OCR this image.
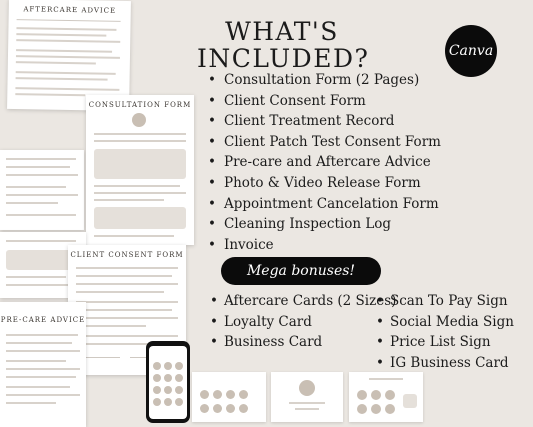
AFTERCARE ADVICE
CONSULTATION FORM
CLIENT CONSENT FORM
PRE-CARE ADVICE
WHAT'S
INCLUDED?	Canva
• Consultation Form (2 Pages)
• Client Consent Form
• Client Treatment Record
• Client Patch Test Consent Form
• Pre-care and Aftercare Advice
• Photo & Video Release Form
• Appointment Cancelation Form
• Cleaning Inspection Log
• Invoice
Mega bonuses!
• Aftercare Cards (2 Sizes)
• Loyalty Card
• Business Card
• Scan To Pay Sign
• Social Media Sign
• Price List Sign
• IG Business Card
